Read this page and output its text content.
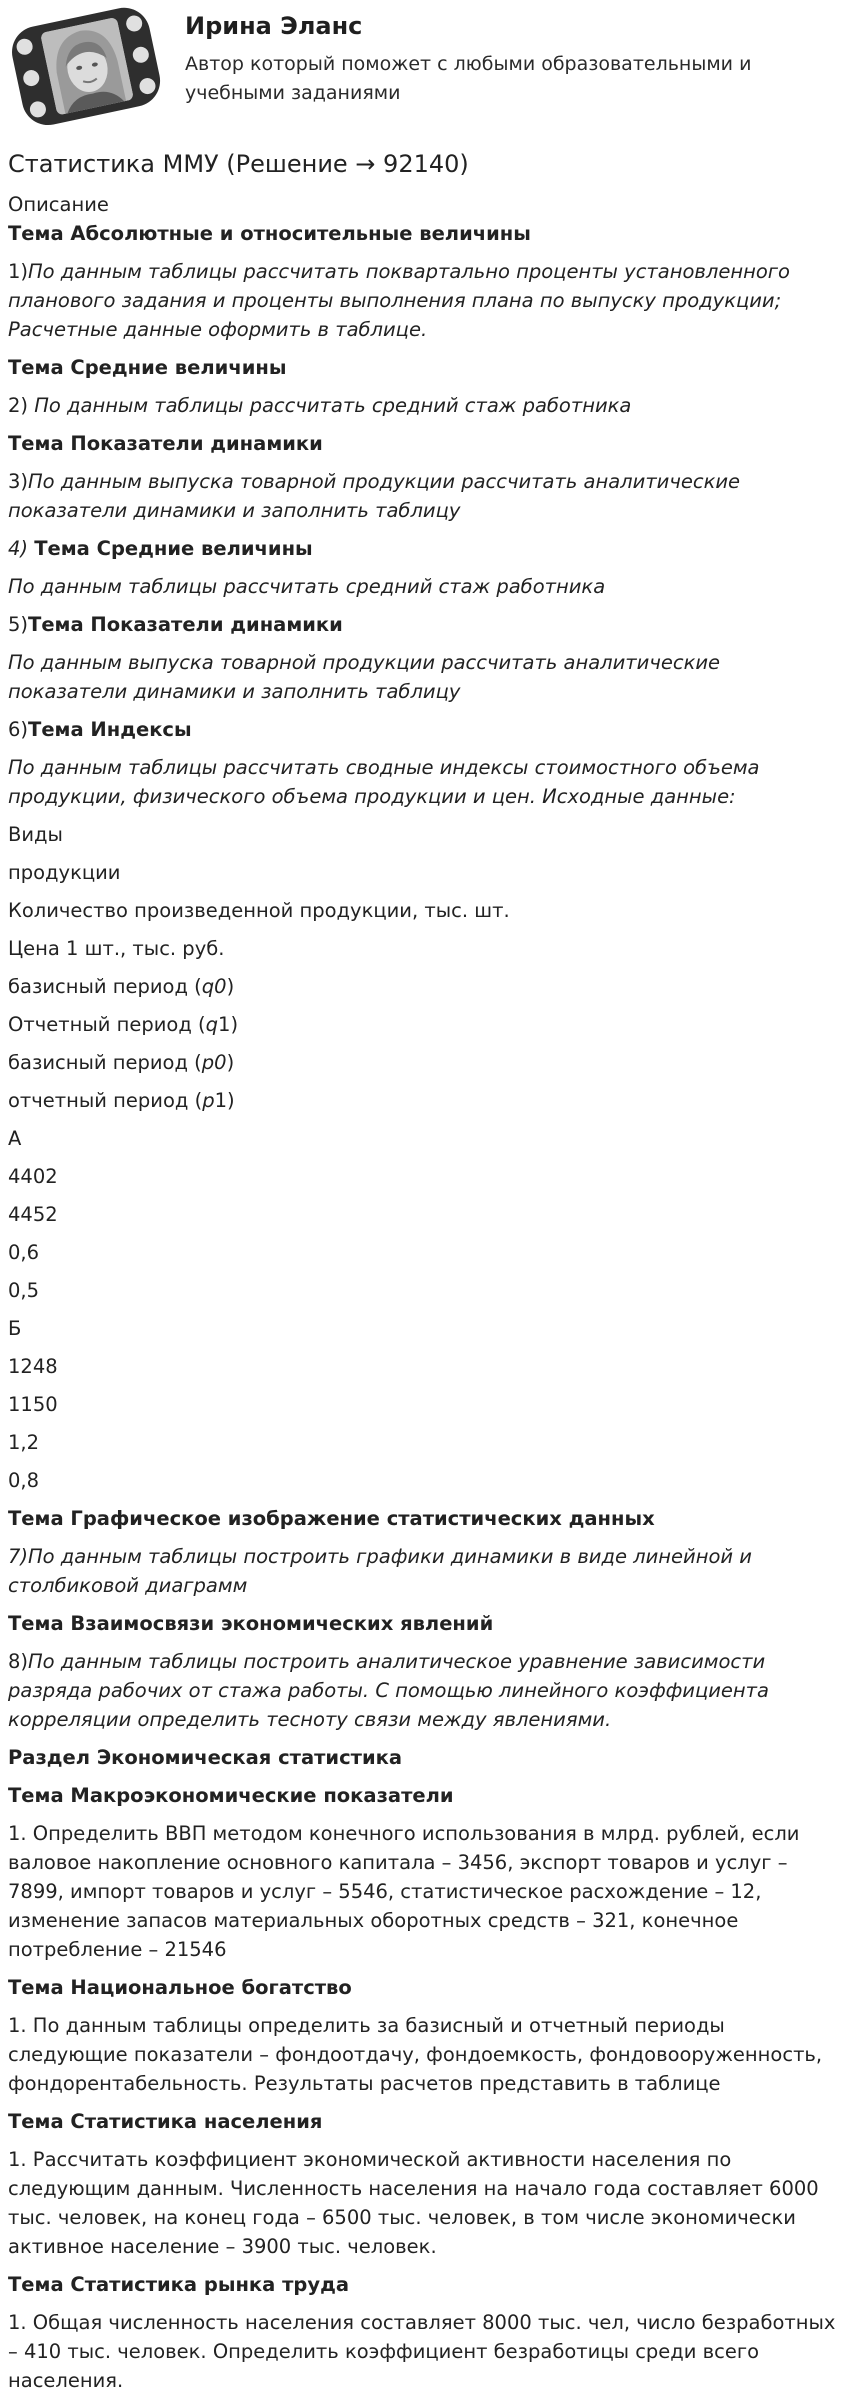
Ирина Эланс
Автор который поможет с любыми образовательными и учебными заданиями
Статистика ММУ (Решение → 92140)

Описание

Тема Абсолютные и относительные величины

1)По данным таблицы рассчитать поквартально проценты установленного планового задания и проценты выполнения плана по выпуску продукции; Расчетные данные оформить в таблице.

Тема Средние величины

2) По данным таблицы рассчитать средний стаж работника

Тема Показатели динамики

3)По данным выпуска товарной продукции рассчитать аналитические показатели динамики и заполнить таблицу

4) Тема Средние величины

По данным таблицы рассчитать средний стаж работника

5)Тема Показатели динамики

По данным выпуска товарной продукции рассчитать аналитические показатели динамики и заполнить таблицу

6)Тема Индексы

По данным таблицы рассчитать сводные индексы стоимостного объема продукции, физического объема продукции и цен. Исходные данные:

Виды

продукции

Количество произведенной продукции, тыс. шт.

Цена 1 шт., тыс. руб.

базисный период (q0)

Отчетный период (q1)

базисный период (p0)

отчетный период (p1)

А

4402

4452

0,6

0,5

Б

1248

1150

1,2

0,8

Тема Графическое изображение статистических данных

7)По данным таблицы построить графики динамики в виде линейной и столбиковой диаграмм

Тема Взаимосвязи экономических явлений

8)По данным таблицы построить аналитическое уравнение зависимости разряда рабочих от стажа работы. С помощью линейного коэффициента корреляции определить тесноту связи между явлениями.

Раздел Экономическая статистика

Тема Макроэкономические показатели

1. Определить ВВП методом конечного использования в млрд. рублей, если валовое накопление основного капитала – 3456, экспорт товаров и услуг – 7899, импорт товаров и услуг – 5546, статистическое расхождение – 12, изменение запасов материальных оборотных средств – 321, конечное потребление – 21546

Тема Национальное богатство

1. По данным таблицы определить за базисный и отчетный периоды следующие показатели – фондоотдачу, фондоемкость, фондовооруженность, фондорентабельность. Результаты расчетов представить в таблице

Тема Статистика населения

1. Рассчитать коэффициент экономической активности населения по следующим данным. Численность населения на начало года составляет 6000 тыс. человек, на конец года – 6500 тыс. человек, в том числе экономически активное население – 3900 тыс. человек.

Тема Статистика рынка труда

1. Общая численность населения составляет 8000 тыс. чел, число безработных – 410 тыс. человек. Определить коэффициент безработицы среди всего населения.
